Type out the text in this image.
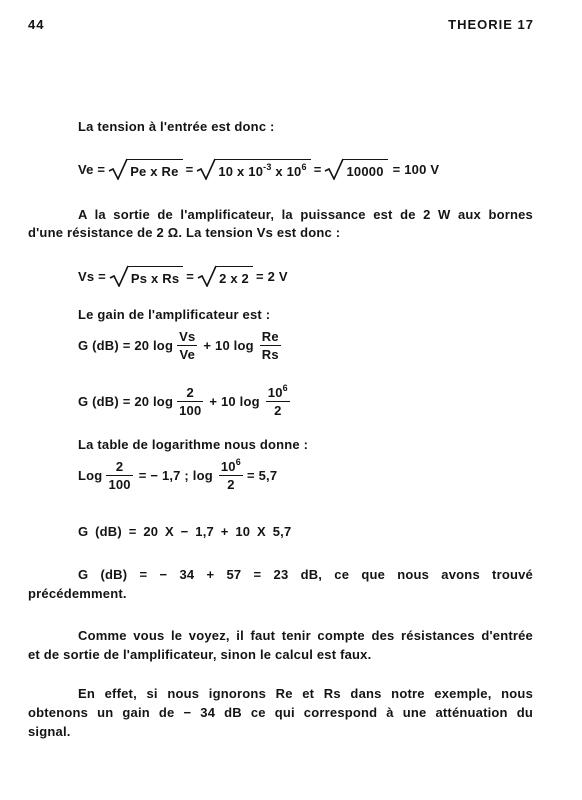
44	THEORIE 17
La tension à l'entrée est donc :
Ve = Pe x Re = 10 x $10^{-3}$ x $10^6 = 10000 = 100$ V
A la sortie de l'amplificateur, la puissance est de 2 W aux bornes
d'une résistance de 2 Ω. La tension Vs est donc :
Vs = Ps x Rs = 2 x 2 = 2 V
Le gain de l'amplificateur est :
G (dB) = 20 $\log \frac{Vs}{Ve} + 10$ $\log \frac{Re}{Rs}$
G (dB) = 20 $\log \frac{2}{100} + 10$ $\log \frac{10^6}{2}$
La table de logarithme nous donne :
Log $\frac{2}{100}$ = − 1,7 ; $\log \frac{10^6}{2} = 5,7$
G (dB) = 20 X − 1,7 + 10 X 5,7
G (dB) = − 34 + 57 = 23 dB, ce que nous avons trouvé
précédemment.
Comme vous le voyez, il faut tenir compte des résistances d'entrée
et de sortie de l'amplificateur, sinon le calcul est faux.
En effet, si nous ignorons Re et Rs dans notre exemple, nous
obtenons un gain de − 34 dB ce qui correspond à une atténuation du
signal.
